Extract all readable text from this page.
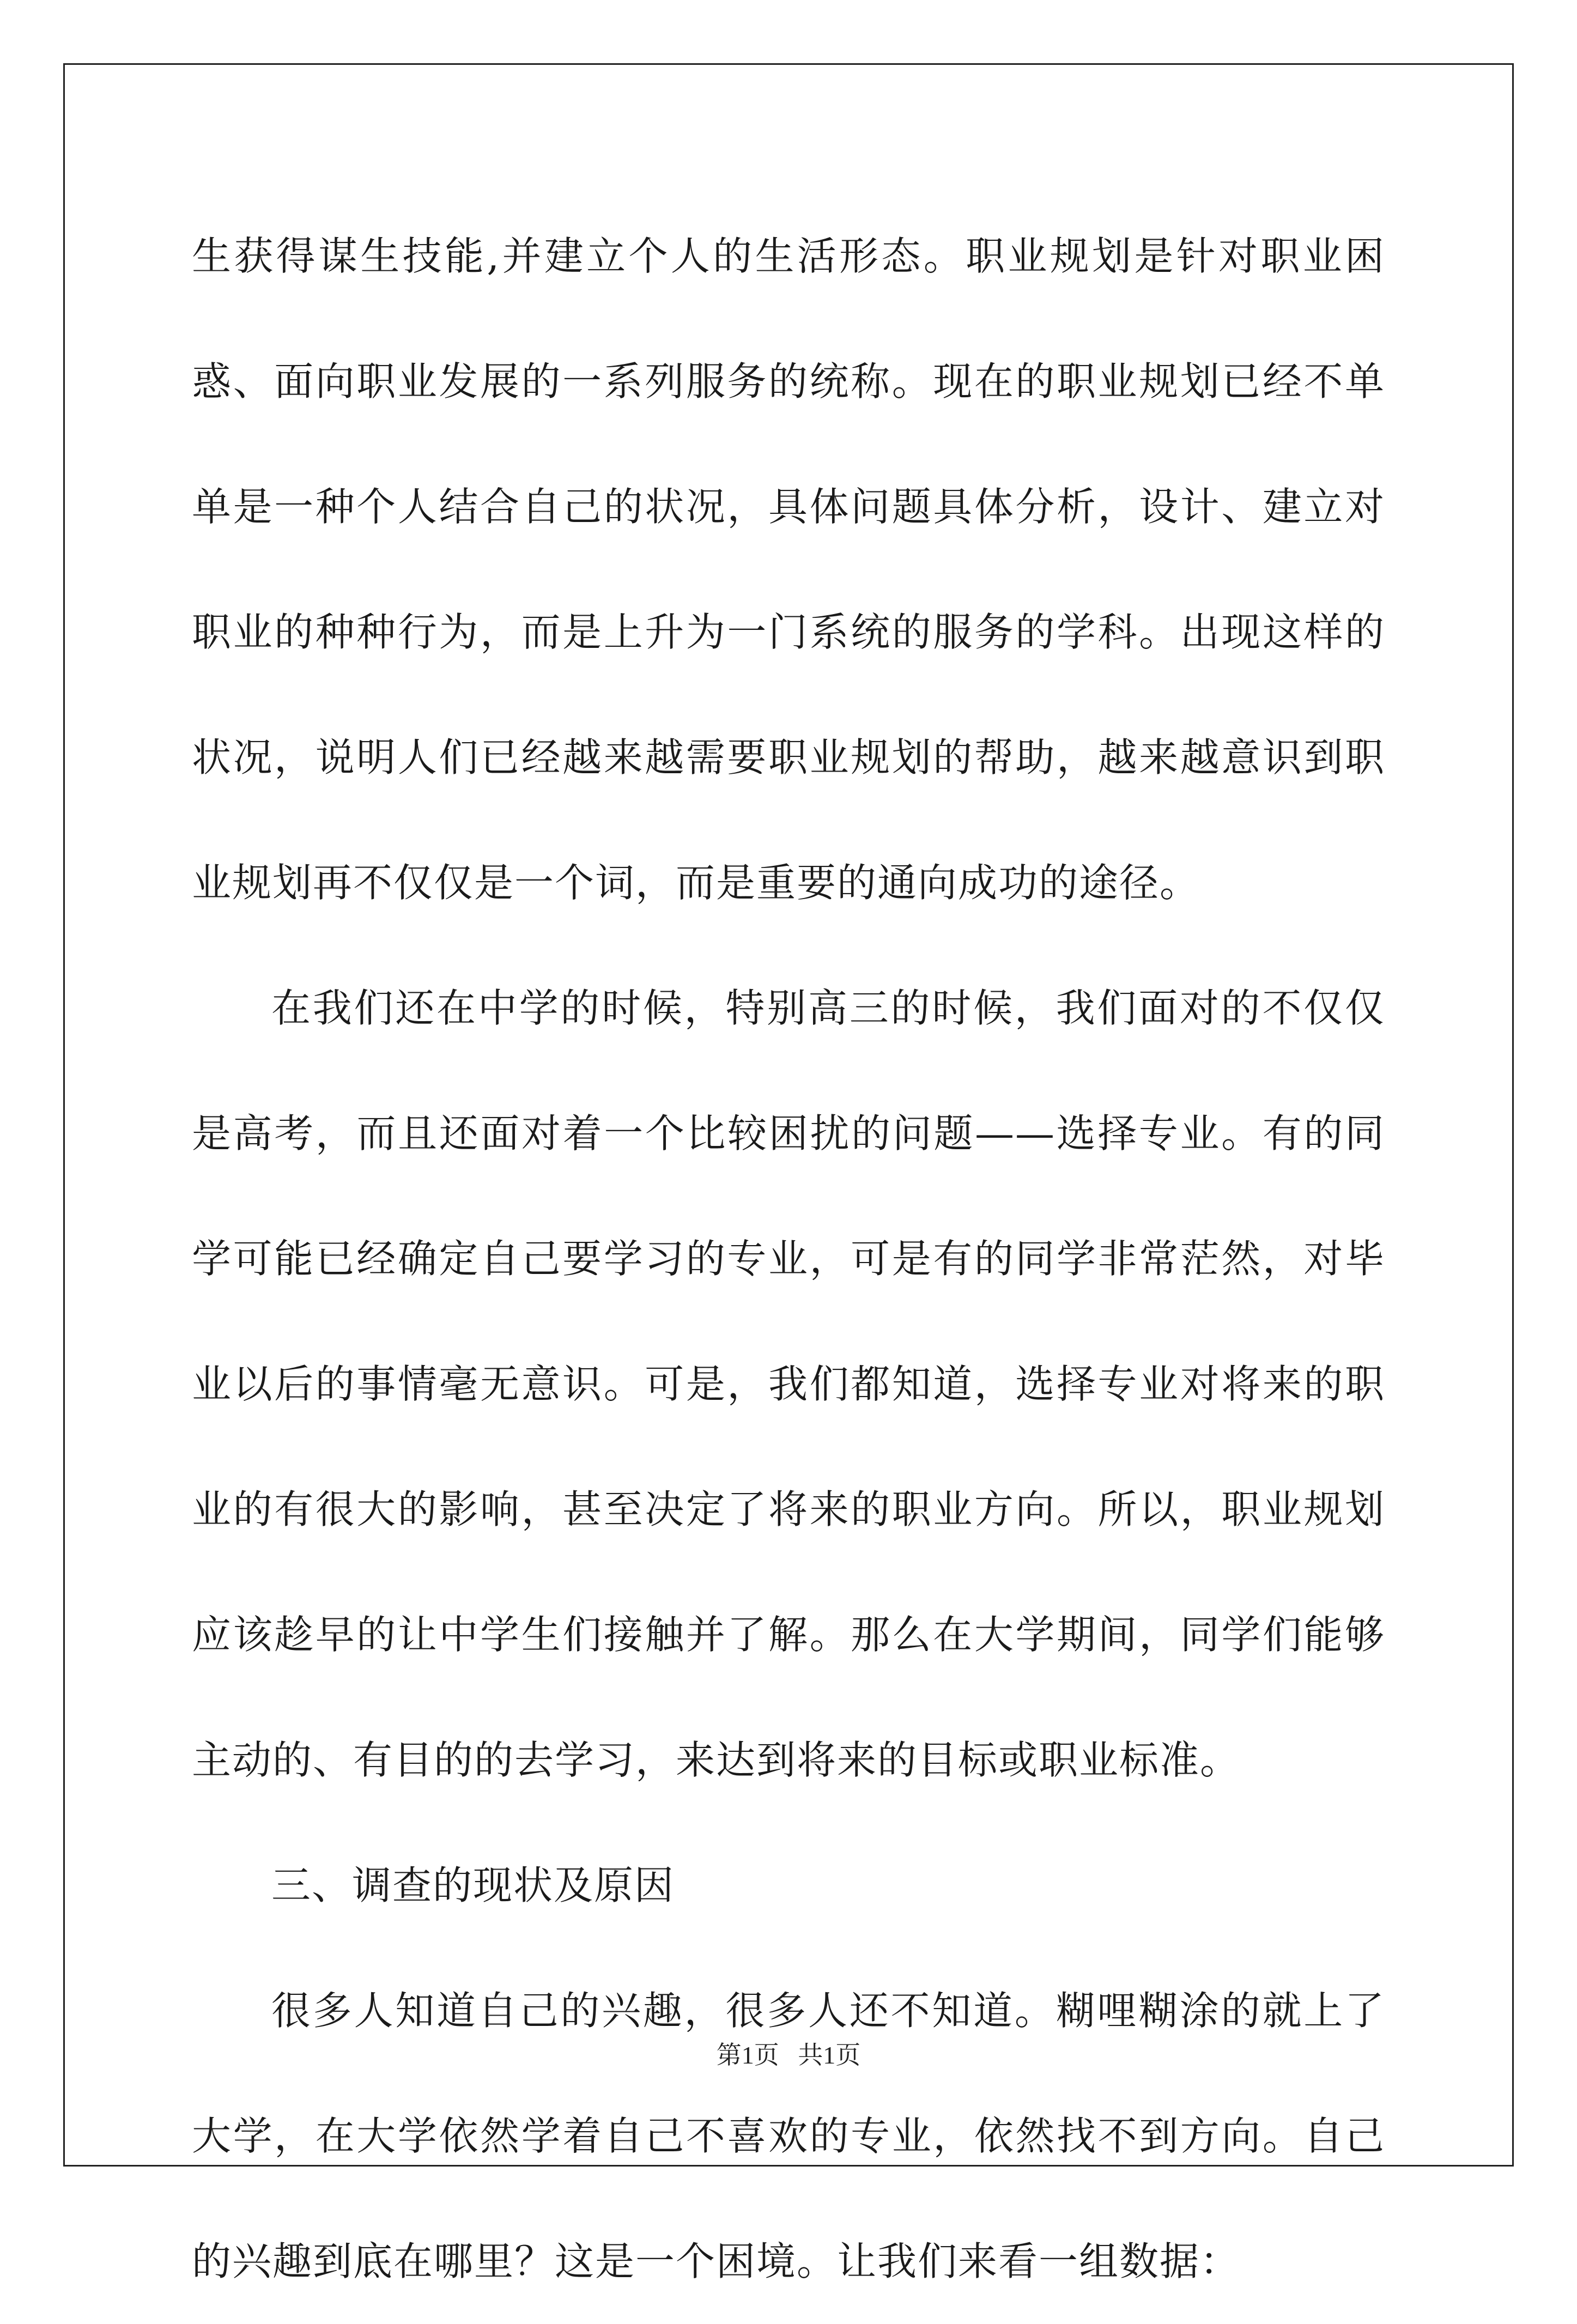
生获得谋生技能,并建立个人的生活形态。职业规划是针对职业困惑、面向职业发展的一系列服务的统称。现在的职业规划已经不单单是一种个人结合自己的状况，具体问题具体分析，设计、建立对职业的种种行为，而是上升为一门系统的服务的学科。出现这样的状况，说明人们已经越来越需要职业规划的帮助，越来越意识到职业规划再不仅仅是一个词，而是重要的通向成功的途径。

在我们还在中学的时候，特别高三的时候，我们面对的不仅仅是高考，而且还面对着一个比较困扰的问题——选择专业。有的同学可能已经确定自己要学习的专业，可是有的同学非常茫然，对毕业以后的事情毫无意识。可是，我们都知道，选择专业对将来的职业的有很大的影响，甚至决定了将来的职业方向。所以，职业规划应该趁早的让中学生们接触并了解。那么在大学期间，同学们能够主动的、有目的的去学习，来达到将来的目标或职业标准。

三、调查的现状及原因

很多人知道自己的兴趣，很多人还不知道。糊哩糊涂的就上了大学，在大学依然学着自己不喜欢的专业，依然找不到方向。自己的兴趣到底在哪里？这是一个困境。让我们来看一组数据：

第1页   共1页
